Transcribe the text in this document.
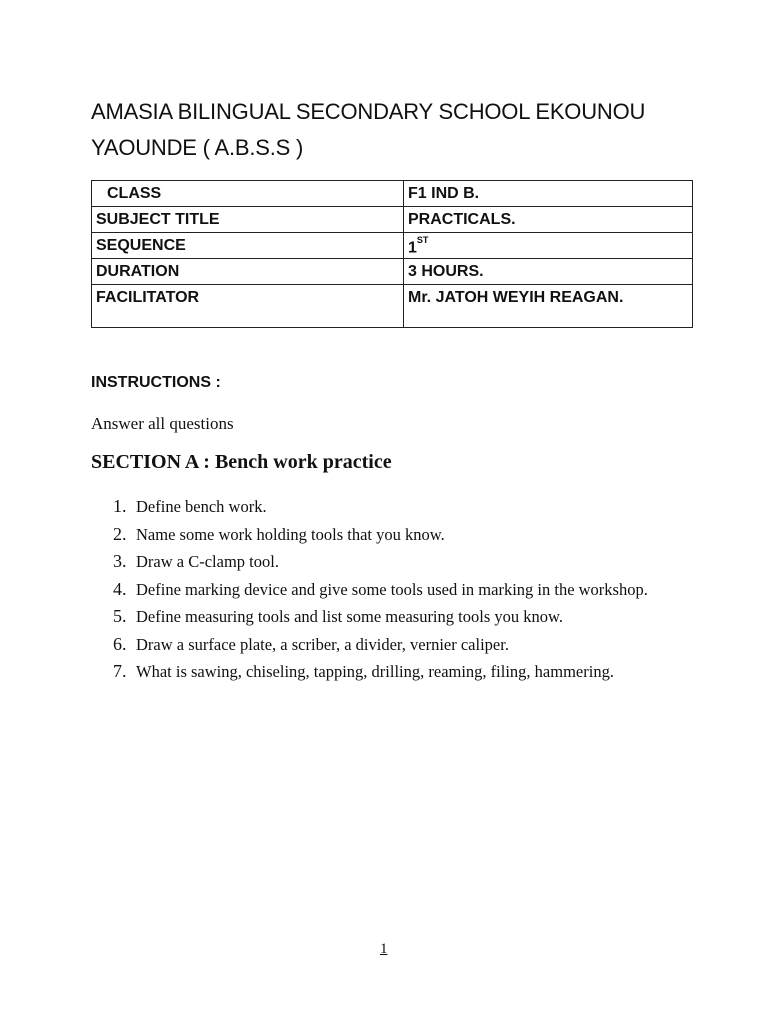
AMASIA BILINGUAL SECONDARY SCHOOL EKOUNOU
YAOUNDE ( A.B.S.S )
CLASS	F1 IND B.
SUBJECT TITLE	PRACTICALS.
SEQUENCE	1ST
DURATION	3 HOURS.
FACILITATOR	Mr. JATOH WEYIH REAGAN.

INSTRUCTIONS :

Answer all questions

SECTION A : Bench work practice
1. Define bench work.
2. Name some work holding tools that you know.
3. Draw a C-clamp tool.
4. Define marking device and give some tools used in marking in the workshop.
5. Define measuring tools and list some measuring tools you know.
6. Draw a surface plate, a scriber, a divider, vernier caliper.
7. What is sawing, chiseling, tapping, drilling, reaming, filing, hammering.

1
